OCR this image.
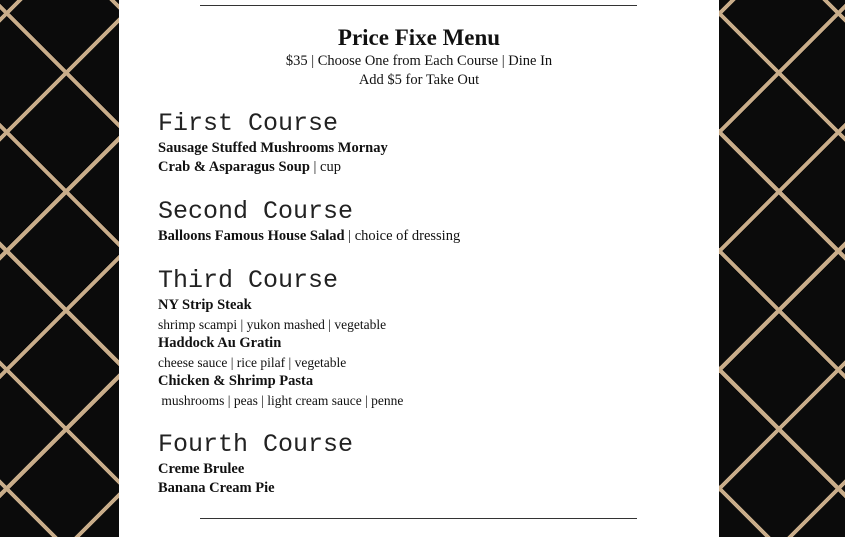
Price Fixe Menu
$35 | Choose One from Each Course | Dine In
Add $5 for Take Out
First Course
Sausage Stuffed Mushrooms Mornay
Crab & Asparagus Soup | cup
Second Course
Balloons Famous House Salad | choice of dressing
Third Course
NY Strip Steak
shrimp scampi | yukon mashed | vegetable
Haddock Au Gratin
cheese sauce | rice pilaf | vegetable
Chicken & Shrimp Pasta
mushrooms | peas | light cream sauce | penne
Fourth Course
Creme Brulee
Banana Cream Pie
